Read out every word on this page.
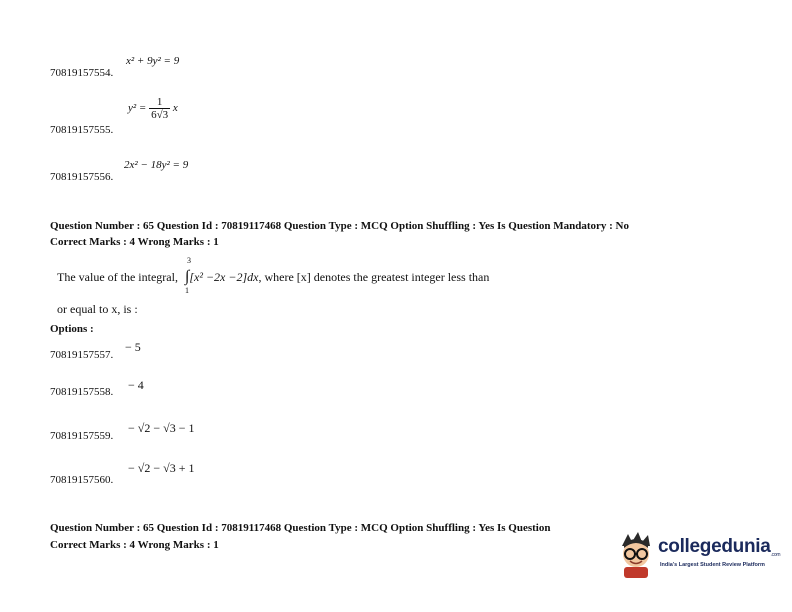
70819157554.
x² + 9y² = 9
70819157555.
$y^2 = \frac{1}{6√3}$ x
70819157556.
2x² − 18y² = 9
Question Number : 65 Question Id : 70819117468 Question Type : MCQ Option Shuffling : Yes Is Question Mandatory : No
Correct Marks : 4 Wrong Marks : 1
The value of the integral,
3
∫
1
[x² −2x −2]dx, where [x] denotes the greatest integer less than
or equal to x, is :
Options :
70819157557.
− 5
70819157558. − 4
70819157559.
− √2 − √3 − 1
70819157560.
− √2 − √3 + 1
Question Number : 65 Question Id : 70819117468 Question Type : MCQ Option Shuffling : Yes Is Question
Correct Marks : 4 Wrong Marks : 1	collegedunia.com
India's Largest Student Review Platform
